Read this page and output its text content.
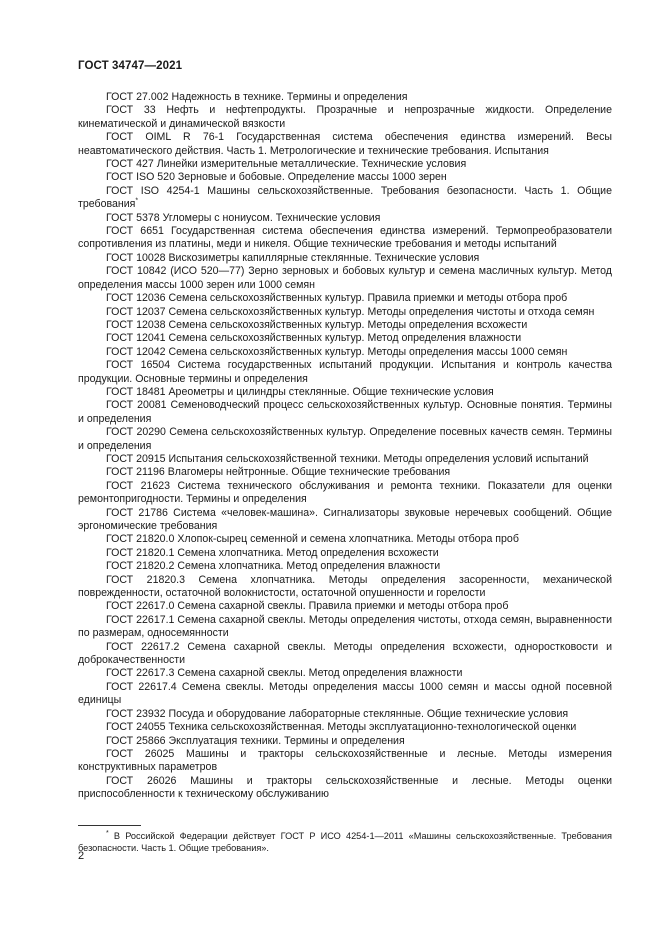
ГОСТ 34747—2021

ГОСТ 27.002 Надежность в технике. Термины и определения

ГОСТ 33 Нефть и нефтепродукты. Прозрачные и непрозрачные жидкости. Определение кинематической и динамической вязкости

ГОСТ OIML R 76-1 Государственная система обеспечения единства измерений. Весы неавтоматического действия. Часть 1. Метрологические и технические требования. Испытания

ГОСТ 427 Линейки измерительные металлические. Технические условия

ГОСТ ISO 520 Зерновые и бобовые. Определение массы 1000 зерен

ГОСТ ISO 4254-1 Машины сельскохозяйственные. Требования безопасности. Часть 1. Общие требования*

ГОСТ 5378 Угломеры с нониусом. Технические условия

ГОСТ 6651 Государственная система обеспечения единства измерений. Термопреобразователи сопротивления из платины, меди и никеля. Общие технические требования и методы испытаний

ГОСТ 10028 Вискозиметры капиллярные стеклянные. Технические условия

ГОСТ 10842 (ИСО 520—77) Зерно зерновых и бобовых культур и семена масличных культур. Метод определения массы 1000 зерен или 1000 семян

ГОСТ 12036 Семена сельскохозяйственных культур. Правила приемки и методы отбора проб

ГОСТ 12037 Семена сельскохозяйственных культур. Методы определения чистоты и отхода семян

ГОСТ 12038 Семена сельскохозяйственных культур. Методы определения всхожести

ГОСТ 12041 Семена сельскохозяйственных культур. Метод определения влажности

ГОСТ 12042 Семена сельскохозяйственных культур. Методы определения массы 1000 семян

ГОСТ 16504 Система государственных испытаний продукции. Испытания и контроль качества продукции. Основные термины и определения

ГОСТ 18481 Ареометры и цилиндры стеклянные. Общие технические условия

ГОСТ 20081 Семеноводческий процесс сельскохозяйственных культур. Основные понятия. Термины и определения

ГОСТ 20290 Семена сельскохозяйственных культур. Определение посевных качеств семян. Термины и определения

ГОСТ 20915 Испытания сельскохозяйственной техники. Методы определения условий испытаний

ГОСТ 21196 Влагомеры нейтронные. Общие технические требования

ГОСТ 21623 Система технического обслуживания и ремонта техники. Показатели для оценки ремонтопригодности. Термины и определения

ГОСТ 21786 Система «человек-машина». Сигнализаторы звуковые неречевых сообщений. Общие эргономические требования

ГОСТ 21820.0 Хлопок-сырец семенной и семена хлопчатника. Методы отбора проб

ГОСТ 21820.1 Семена хлопчатника. Метод определения всхожести

ГОСТ 21820.2 Семена хлопчатника. Метод определения влажности

ГОСТ 21820.3 Семена хлопчатника. Методы определения засоренности, механической поврежденности, остаточной волокнистости, остаточной опушенности и горелости

ГОСТ 22617.0 Семена сахарной свеклы. Правила приемки и методы отбора проб

ГОСТ 22617.1 Семена сахарной свеклы. Методы определения чистоты, отхода семян, выравненности по размерам, односемянности

ГОСТ 22617.2 Семена сахарной свеклы. Методы определения всхожести, одноростковости и доброкачественности

ГОСТ 22617.3 Семена сахарной свеклы. Метод определения влажности

ГОСТ 22617.4 Семена свеклы. Методы определения массы 1000 семян и массы одной посевной единицы

ГОСТ 23932 Посуда и оборудование лабораторные стеклянные. Общие технические условия

ГОСТ 24055 Техника сельскохозяйственная. Методы эксплуатационно-технологической оценки

ГОСТ 25866 Эксплуатация техники. Термины и определения

ГОСТ 26025 Машины и тракторы сельскохозяйственные и лесные. Методы измерения конструктивных параметров

ГОСТ 26026 Машины и тракторы сельскохозяйственные и лесные. Методы оценки приспособленности к техническому обслуживанию

* В Российской Федерации действует ГОСТ Р ИСО 4254-1—2011 «Машины сельскохозяйственные. Требования безопасности. Часть 1. Общие требования».
2
